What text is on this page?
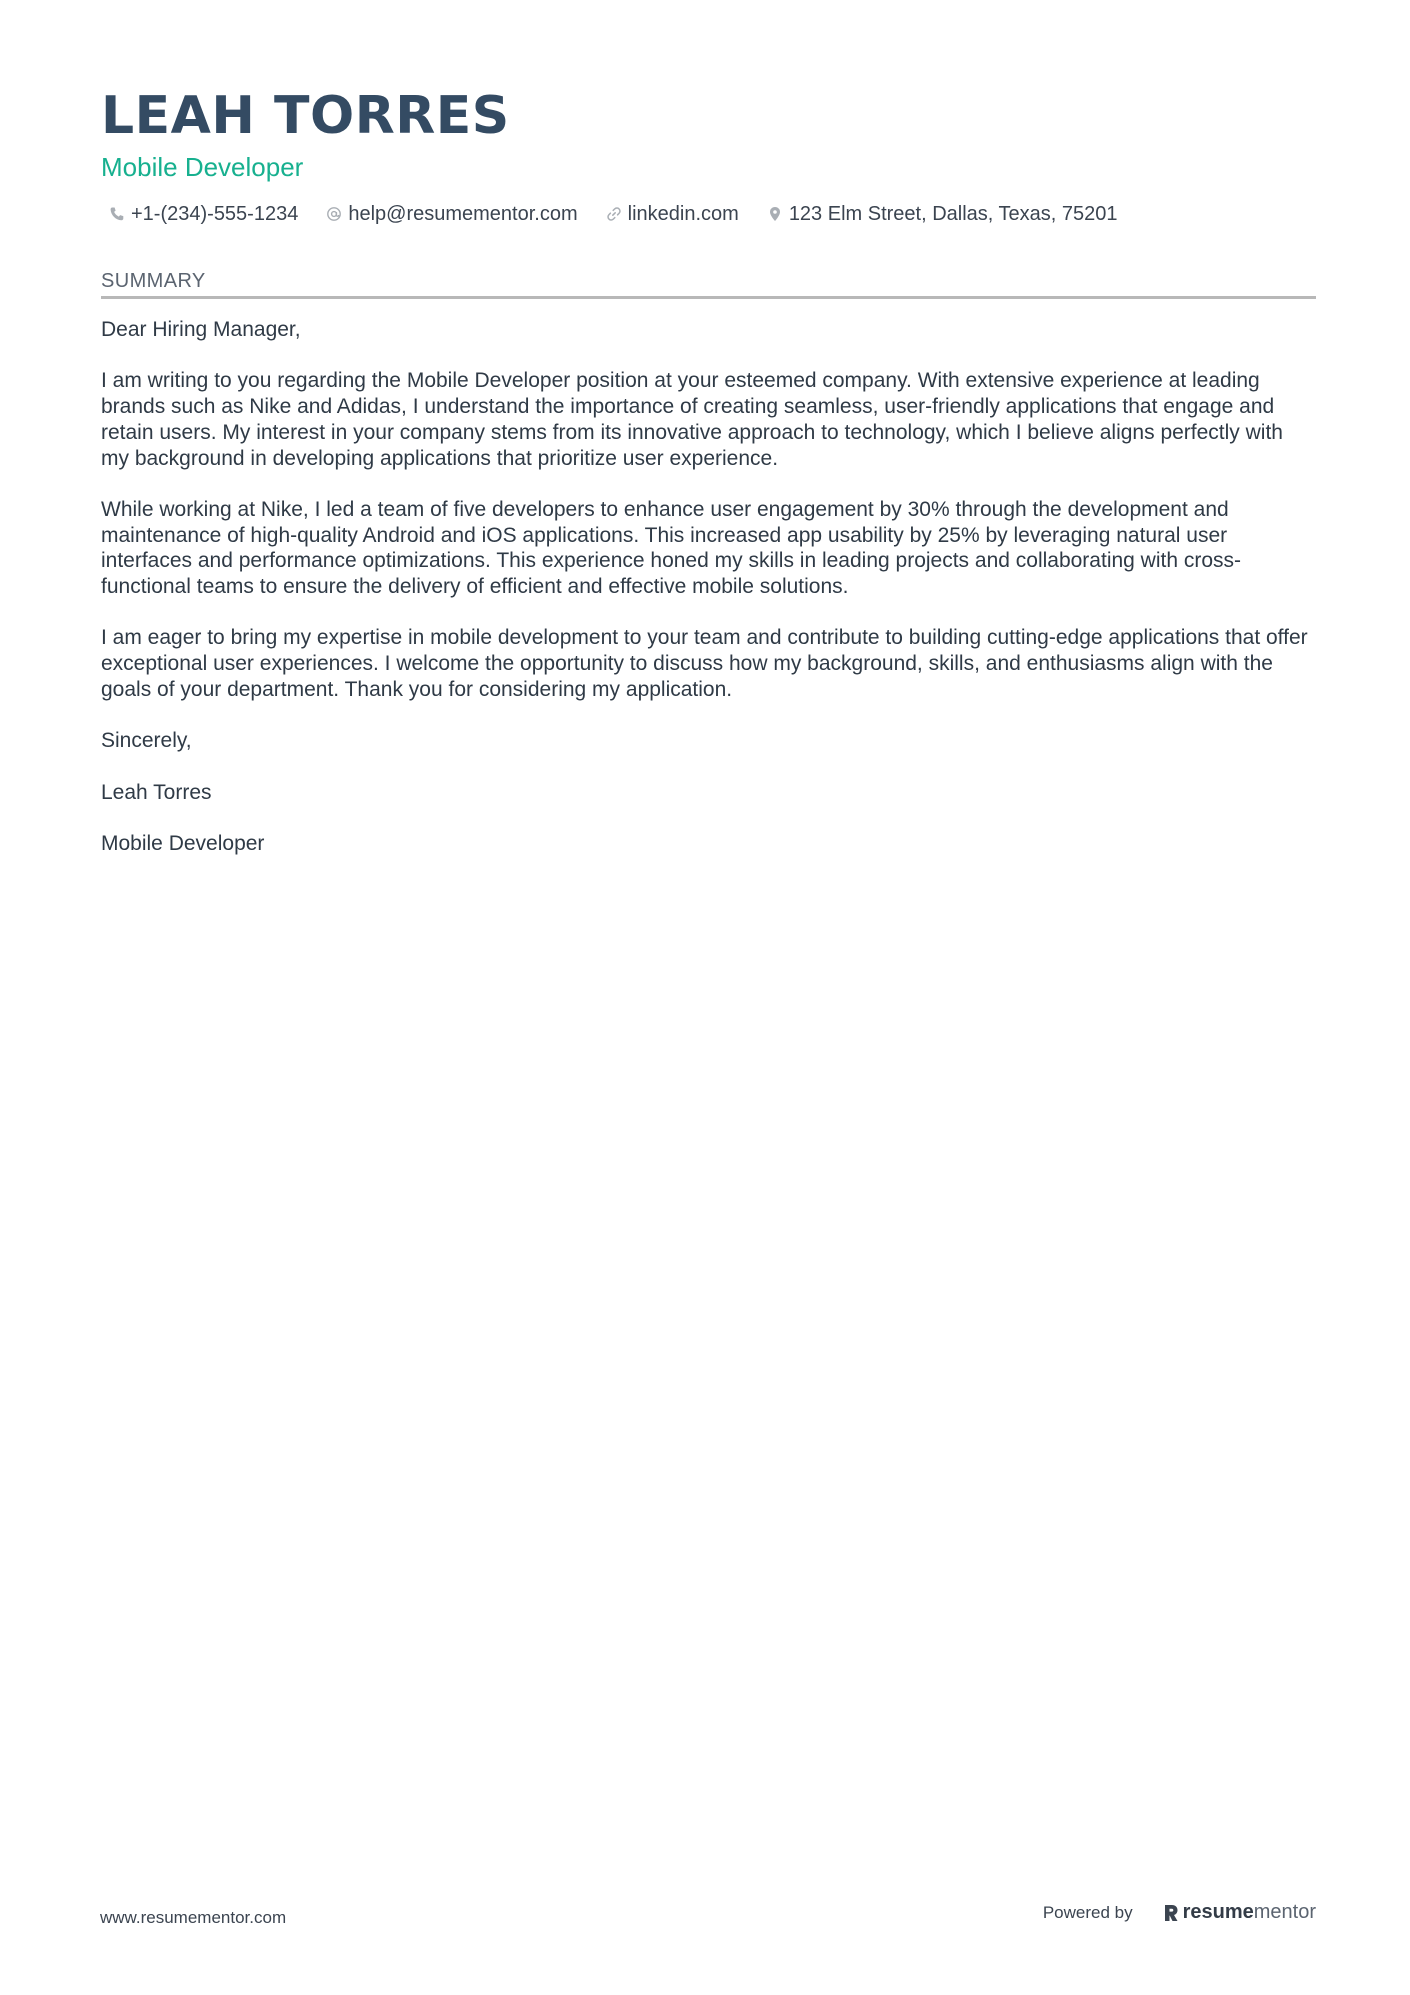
LEAH TORRES
Mobile Developer
+1-(234)-555-1234	help@resumementor.com	linkedin.com	123 Elm Street, Dallas, Texas, 75201
SUMMARY

Dear Hiring Manager,

I am writing to you regarding the Mobile Developer position at your esteemed company. With extensive experience at leading brands such as Nike and Adidas, I understand the importance of creating seamless, user-friendly applications that engage and retain users. My interest in your company stems from its innovative approach to technology, which I believe aligns perfectly with my background in developing applications that prioritize user experience.

While working at Nike, I led a team of five developers to enhance user engagement by 30% through the development and maintenance of high-quality Android and iOS applications. This increased app usability by 25% by leveraging natural user interfaces and performance optimizations. This experience honed my skills in leading projects and collaborating with cross-functional teams to ensure the delivery of efficient and effective mobile solutions.

I am eager to bring my expertise in mobile development to your team and contribute to building cutting-edge applications that offer exceptional user experiences. I welcome the opportunity to discuss how my background, skills, and enthusiasms align with the goals of your department. Thank you for considering my application.

Sincerely,

Leah Torres

Mobile Developer

www.resumementor.com	Powered by	resume mentor
